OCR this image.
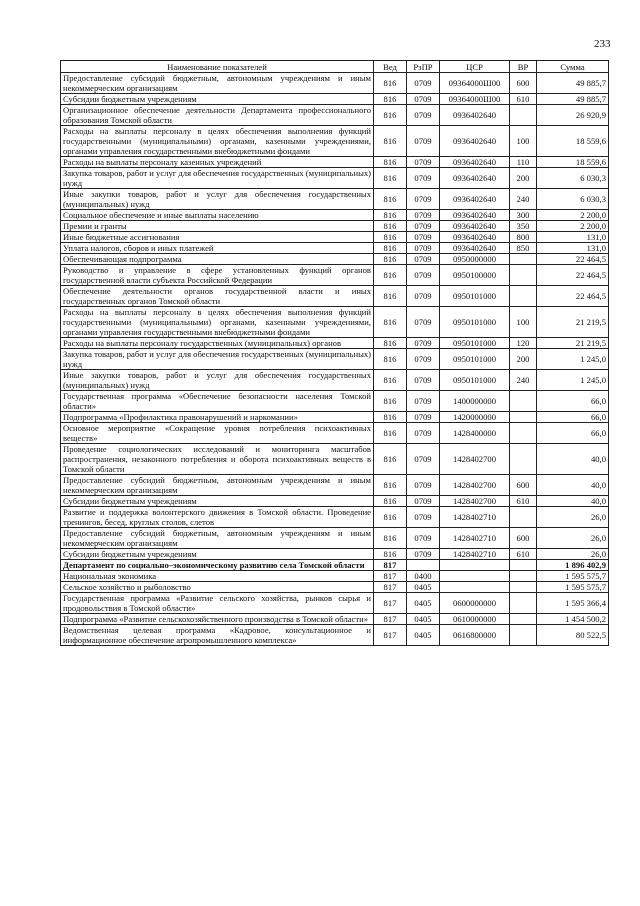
233
Наименование показателей	Вед	РзПР	ЦСР	ВР	Сумма
Предоставление субсидий бюджетным, автономным учреждениям и иным некоммерческим организациям	816	0709	09364000Ш00	600	49 885,7
Субсидии бюджетным учреждениям	816	0709	09364000Ш00	610	49 885,7
Организационное обеспечение деятельности Департамента профессионального образования Томской области	816	0709	0936402640		26 920,9
Расходы на выплаты персоналу в целях обеспечения выполнения функций государственными (муниципальными) органами, казенными учреждениями, органами управления государственными внебюджетными фондами	816	0709	0936402640	100	18 559,6
Расходы на выплаты персоналу казенных учреждений	816	0709	0936402640	110	18 559,6
Закупка товаров, работ и услуг для обеспечения государственных (муниципальных) нужд	816	0709	0936402640	200	6 030,3
Иные закупки товаров, работ и услуг для обеспечения государственных (муниципальных) нужд	816	0709	0936402640	240	6 030,3
Социальное обеспечение и иные выплаты населению	816	0709	0936402640	300	2 200,0
Премии и гранты	816	0709	0936402640	350	2 200,0
Иные бюджетные ассигнования	816	0709	0936402640	800	131,0
Уплата налогов, сборов и иных платежей	816	0709	0936402640	850	131,0
Обеспечивающая подпрограмма	816	0709	0950000000		22 464,5
Руководство и управление в сфере установленных функций органов государственной власти субъекта Российской Федерации	816	0709	0950100000		22 464,5
Обеспечение деятельности органов государственной власти и иных государственных органов Томской области	816	0709	0950101000		22 464,5
Расходы на выплаты персоналу в целях обеспечения выполнения функций государственными (муниципальными) органами, казенными учреждениями, органами управления государственными внебюджетными фондами	816	0709	0950101000	100	21 219,5
Расходы на выплаты персоналу государственных (муниципальных) органов	816	0709	0950101000	120	21 219,5
Закупка товаров, работ и услуг для обеспечения государственных (муниципальных) нужд	816	0709	0950101000	200	1 245,0
Иные закупки товаров, работ и услуг для обеспечения государственных (муниципальных) нужд	816	0709	0950101000	240	1 245,0
Государственная программа «Обеспечение безопасности населения Томской области»	816	0709	1400000000		66,0
Подпрограмма «Профилактика правонарушений и наркомании»	816	0709	1420000000		66,0
Основное мероприятие «Сокращение уровня потребления психоактивных веществ»	816	0709	1428400000		66,0
Проведение социологических исследований и мониторинга масштабов распространения, незаконного потребления и оборота психоактивных веществ в Томской области	816	0709	1428402700		40,0
Предоставление субсидий бюджетным, автономным учреждениям и иным некоммерческим организациям	816	0709	1428402700	600	40,0
Субсидии бюджетным учреждениям	816	0709	1428402700	610	40,0
Развитие и поддержка волонтерского движения в Томской области. Проведение тренингов, бесед, круглых столов, слетов	816	0709	1428402710		26,0
Предоставление субсидий бюджетным, автономным учреждениям и иным некоммерческим организациям	816	0709	1428402710	600	26,0
Субсидии бюджетным учреждениям	816	0709	1428402710	610	26,0
Департамент по социально–экономическому развитию села Томской области	817				1 896 402,9
Национальная экономика	817	0400			1 595 575,7
Сельское хозяйство и рыболовство	817	0405			1 595 575,7
Государственная программа «Развитие сельского хозяйства, рынков сырья и продовольствия в Томской области»	817	0405	0600000000		1 595 366,4
Подпрограмма «Развитие сельскохозяйственного производства в Томской области»	817	0405	0610000000		1 454 500,2
Ведомственная целевая программа «Кадровое, консультационное и информационное обеспечение агропромышленного комплекса»	817	0405	0616800000		80 522,5
